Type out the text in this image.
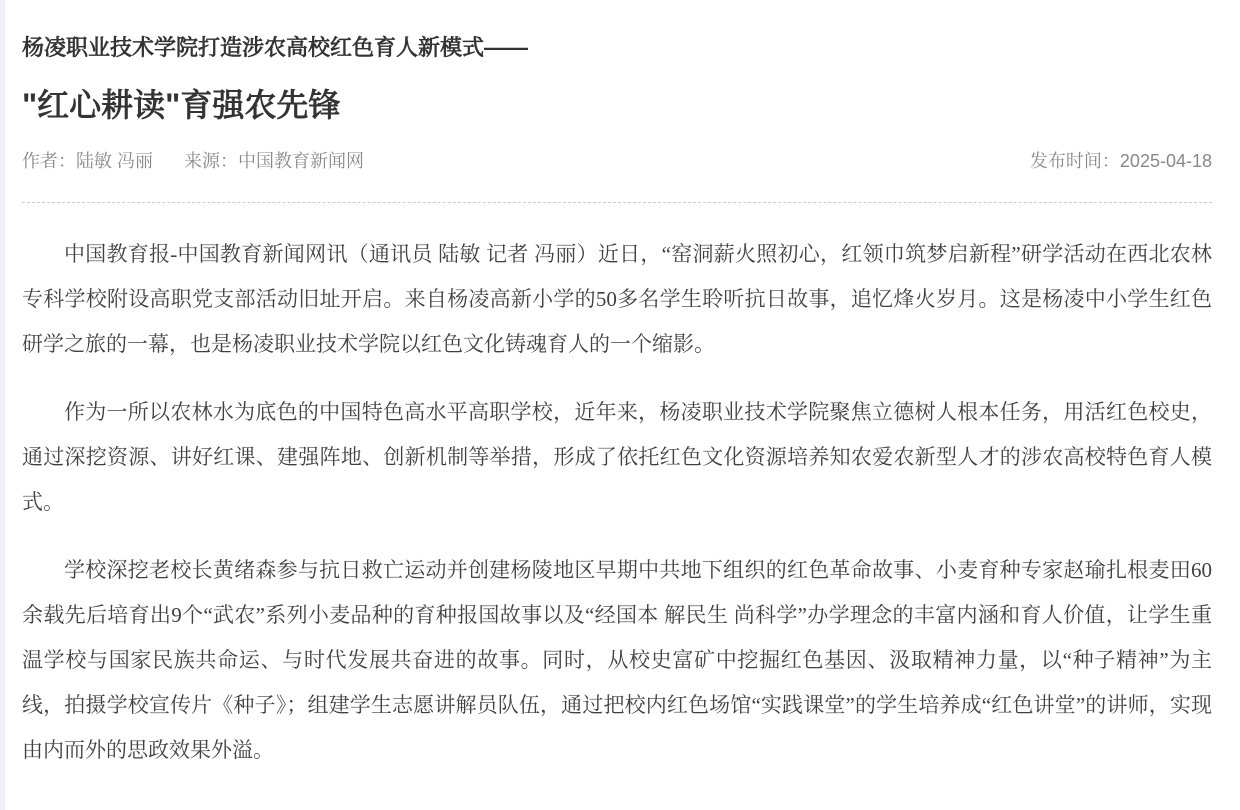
杨凌职业技术学院打造涉农高校红色育人新模式——
"红心耕读"育强农先锋
作者：陆敏 冯丽 来源：中国教育新闻网	发布时间：2025-04-18

中国教育报-中国教育新闻网讯（通讯员 陆敏 记者 冯丽）近日，“窑洞薪火照初心，红领巾筑梦启新程”研学活动在西北农林专科学校附设高职党支部活动旧址开启。来自杨凌高新小学的50多名学生聆听抗日故事，追忆烽火岁月。这是杨凌中小学生红色研学之旅的一幕，也是杨凌职业技术学院以红色文化铸魂育人的一个缩影。

作为一所以农林水为底色的中国特色高水平高职学校，近年来，杨凌职业技术学院聚焦立德树人根本任务，用活红色校史，通过深挖资源、讲好红课、建强阵地、创新机制等举措，形成了依托红色文化资源培养知农爱农新型人才的涉农高校特色育人模式。

学校深挖老校长黄绪森参与抗日救亡运动并创建杨陵地区早期中共地下组织的红色革命故事、小麦育种专家赵瑜扎根麦田60余载先后培育出9个“武农”系列小麦品种的育种报国故事以及“经国本 解民生 尚科学”办学理念的丰富内涵和育人价值，让学生重温学校与国家民族共命运、与时代发展共奋进的故事。同时，从校史富矿中挖掘红色基因、汲取精神力量，以“种子精神”为主线，拍摄学校宣传片《种子》；组建学生志愿讲解员队伍，通过把校内红色场馆“实践课堂”的学生培养成“红色讲堂”的讲师，实现由内而外的思政效果外溢。
